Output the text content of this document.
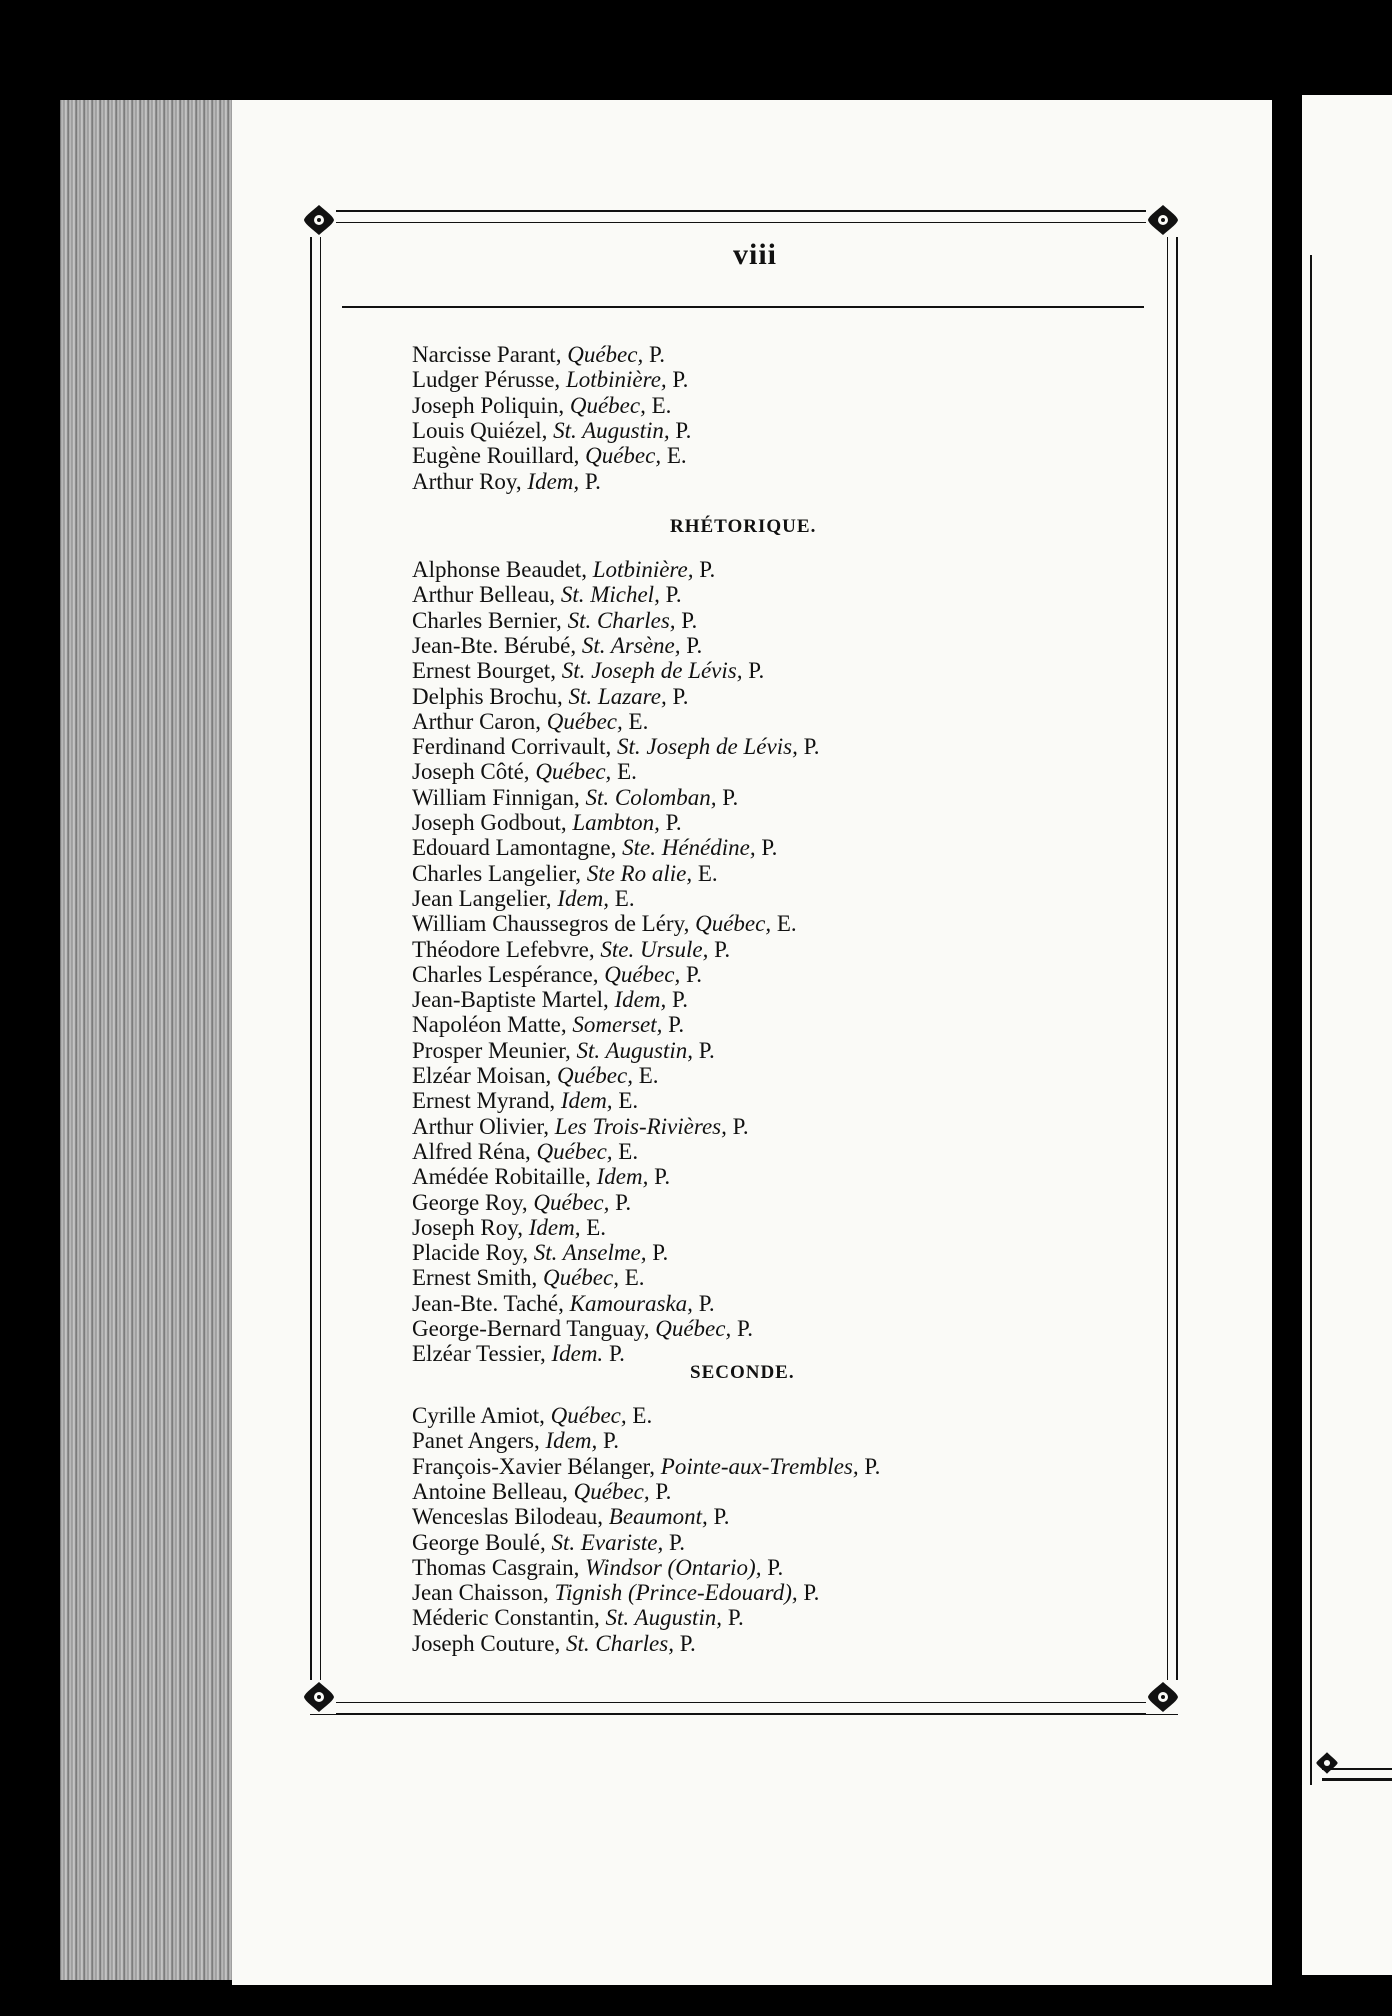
viii
Narcisse Parant, Québec, P.
Ludger Pérusse, Lotbinière, P.
Joseph Poliquin, Québec, E.
Louis Quiézel, St. Augustin, P.
Eugène Rouillard, Québec, E.
Arthur Roy, Idem, P.
RHÉTORIQUE.
Alphonse Beaudet, Lotbinière, P.
Arthur Belleau, St. Michel, P.
Charles Bernier, St. Charles, P.
Jean-Bte. Bérubé, St. Arsène, P.
Ernest Bourget, St. Joseph de Lévis, P.
Delphis Brochu, St. Lazare, P.
Arthur Caron, Québec, E.
Ferdinand Corrivault, St. Joseph de Lévis, P.
Joseph Côté, Québec, E.
William Finnigan, St. Colomban, P.
Joseph Godbout, Lambton, P.
Edouard Lamontagne, Ste. Hénédine, P.
Charles Langelier, Ste Ro alie, E.
Jean Langelier, Idem, E.
William Chaussegros de Léry, Québec, E.
Théodore Lefebvre, Ste. Ursule, P.
Charles Lespérance, Québec, P.
Jean-Baptiste Martel, Idem, P.
Napoléon Matte, Somerset, P.
Prosper Meunier, St. Augustin, P.
Elzéar Moisan, Québec, E.
Ernest Myrand, Idem, E.
Arthur Olivier, Les Trois-Rivières, P.
Alfred Réna, Québec, E.
Amédée Robitaille, Idem, P.
George Roy, Québec, P.
Joseph Roy, Idem, E.
Placide Roy, St. Anselme, P.
Ernest Smith, Québec, E.
Jean-Bte. Taché, Kamouraska, P.
George-Bernard Tanguay, Québec, P.
Elzéar Tessier, Idem. P.
SECONDE.
Cyrille Amiot, Québec, E.
Panet Angers, Idem, P.
François-Xavier Bélanger, Pointe-aux-Trembles, P.
Antoine Belleau, Québec, P.
Wenceslas Bilodeau, Beaumont, P.
George Boulé, St. Evariste, P.
Thomas Casgrain, Windsor (Ontario), P.
Jean Chaisson, Tignish (Prince-Edouard), P.
Méderic Constantin, St. Augustin, P.
Joseph Couture, St. Charles, P.
